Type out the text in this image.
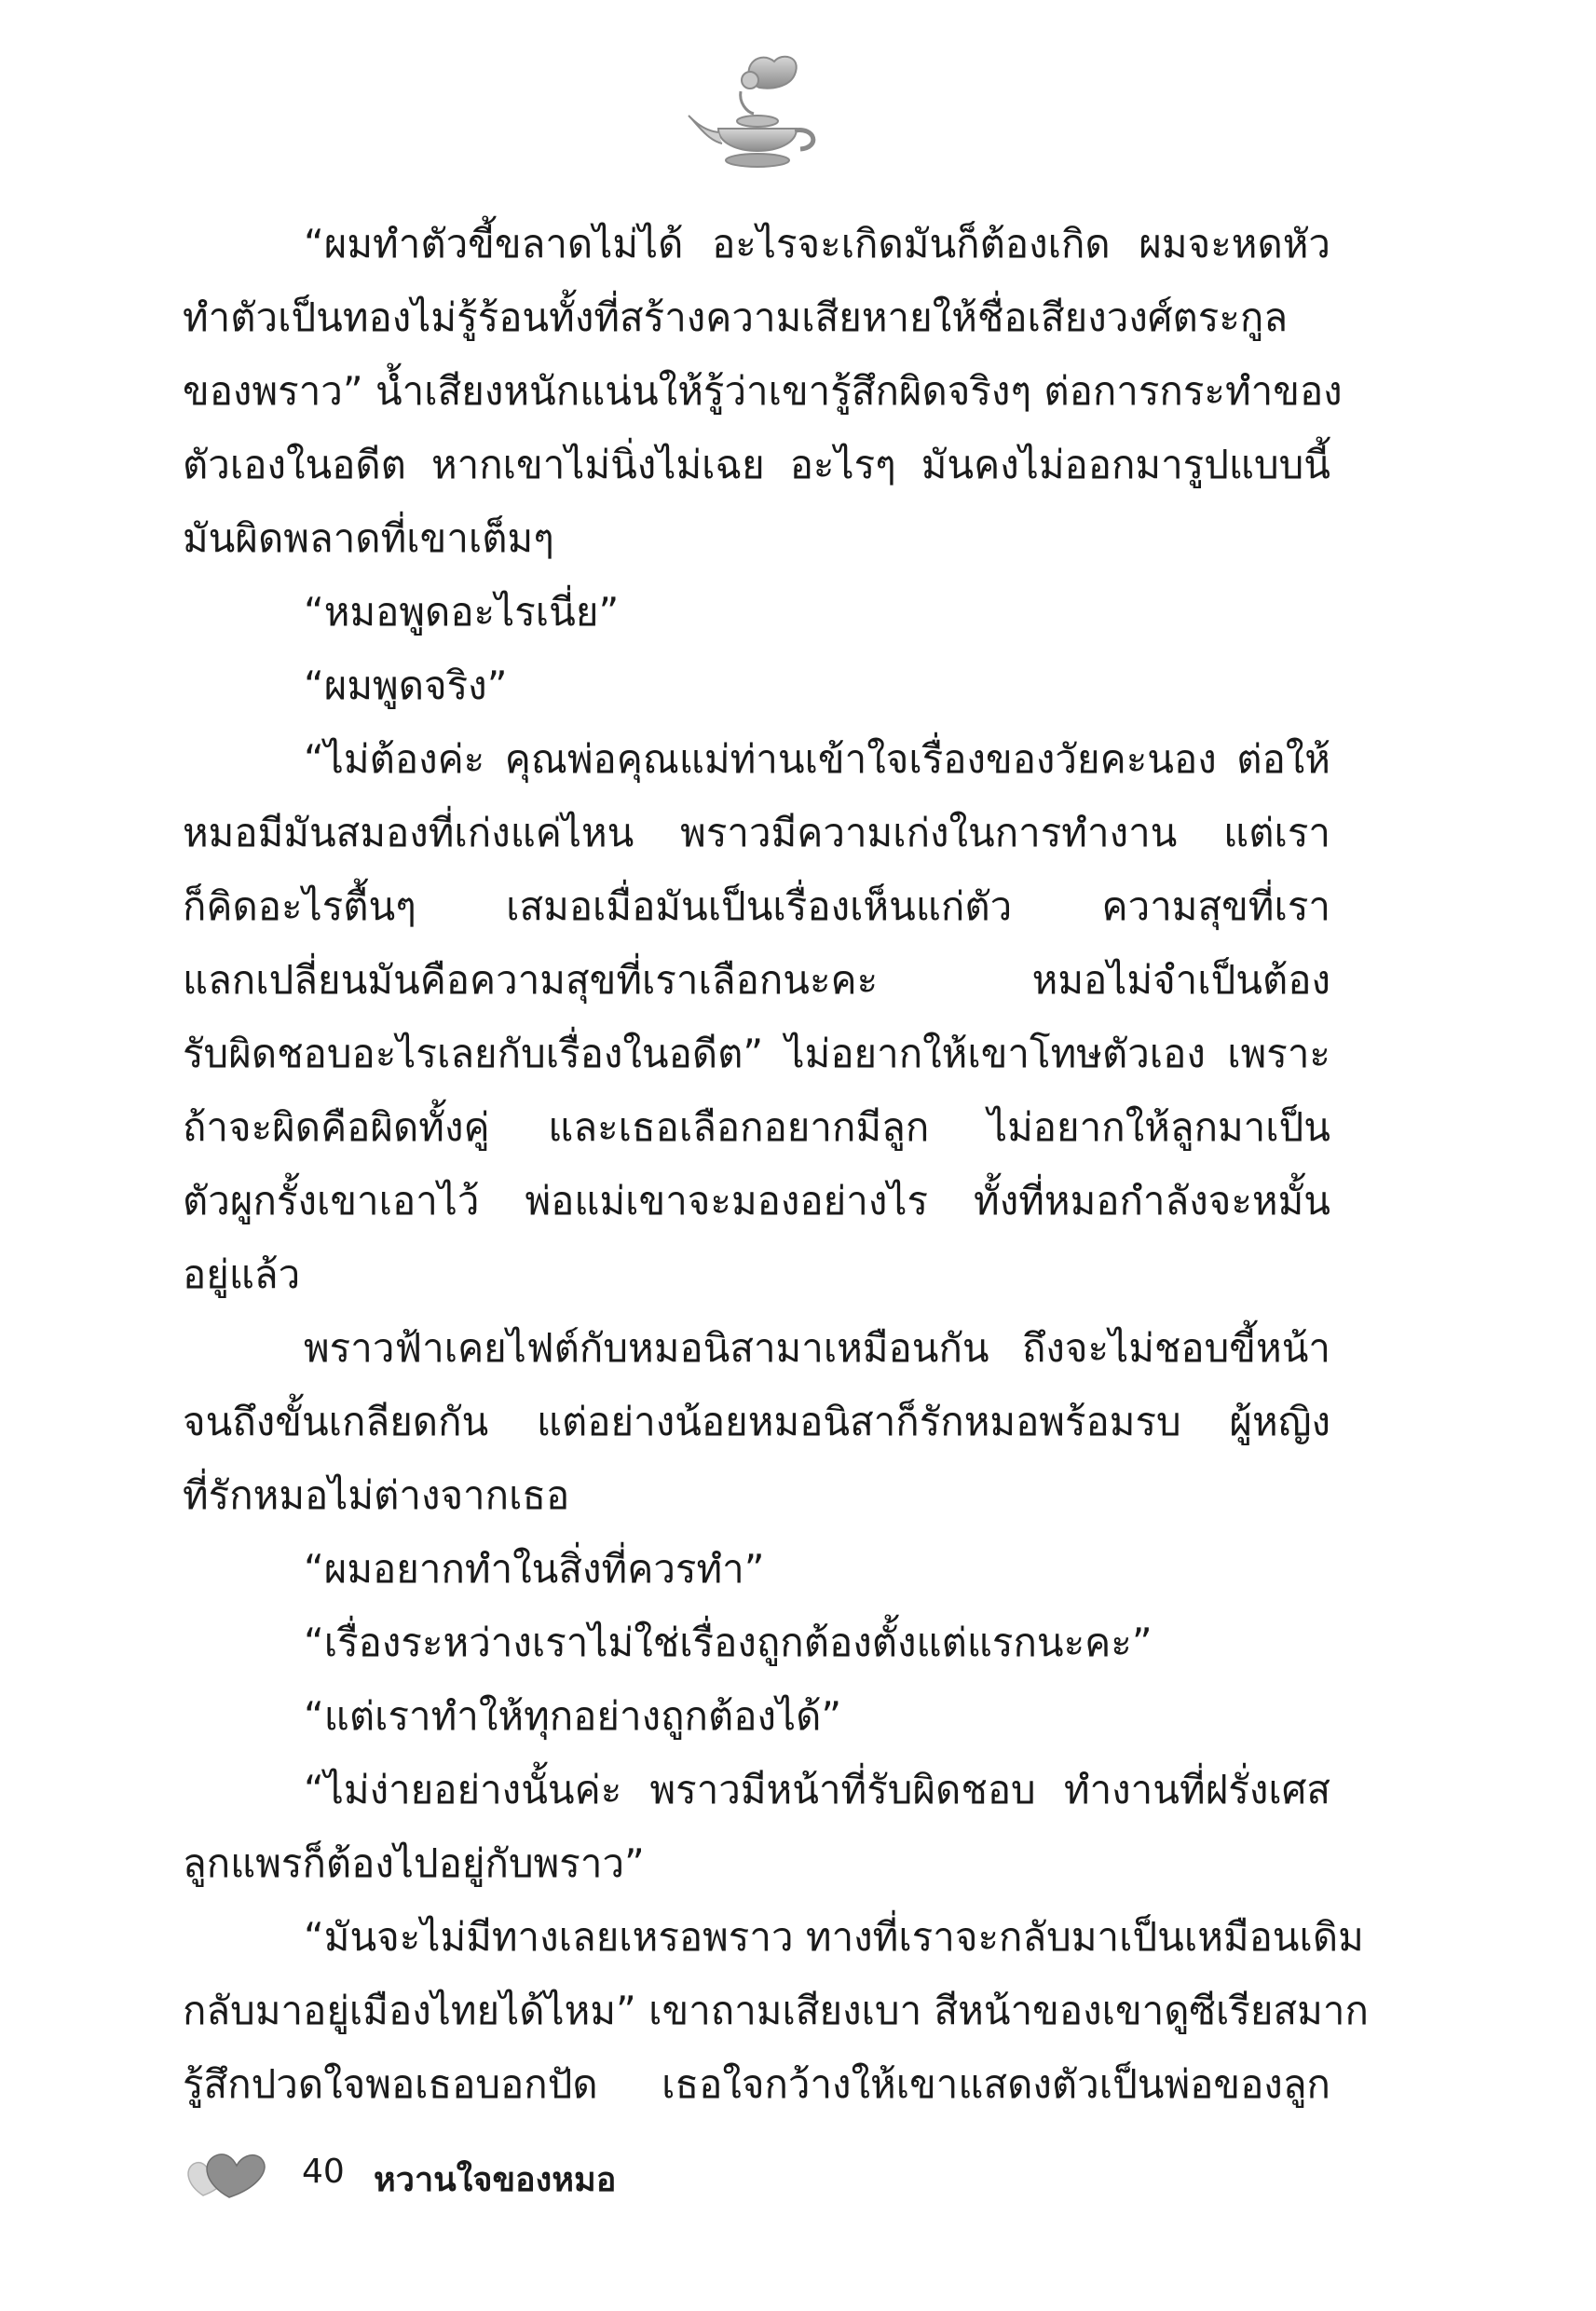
“ผมทำตัวขี้ขลาดไม่ได้ อะไรจะเกิดมันก็ต้องเกิด ผมจะหดหัว
ทำตัวเป็นทองไม่รู้ร้อนทั้งที่สร้างความเสียหายให้ชื่อเสียงวงศ์ตระกูล
ของพราว” น้ำเสียงหนักแน่นให้รู้ว่าเขารู้สึกผิดจริงๆ ต่อการกระทำของ
ตัวเองในอดีต หากเขาไม่นิ่งไม่เฉย อะไรๆ มันคงไม่ออกมารูปแบบนี้
มันผิดพลาดที่เขาเต็มๆ
“หมอพูดอะไรเนี่ย”
“ผมพูดจริง”
“ไม่ต้องค่ะ คุณพ่อคุณแม่ท่านเข้าใจเรื่องของวัยคะนอง ต่อให้
หมอมีมันสมองที่เก่งแค่ไหน พราวมีความเก่งในการทำงาน แต่เรา
ก็คิดอะไรตื้นๆ เสมอเมื่อมันเป็นเรื่องเห็นแก่ตัว ความสุขที่เรา
แลกเปลี่ยนมันคือความสุขที่เราเลือกนะคะ หมอไม่จำเป็นต้อง
รับผิดชอบอะไรเลยกับเรื่องในอดีต” ไม่อยากให้เขาโทษตัวเอง เพราะ
ถ้าจะผิดคือผิดทั้งคู่ และเธอเลือกอยากมีลูก ไม่อยากให้ลูกมาเป็น
ตัวผูกรั้งเขาเอาไว้ พ่อแม่เขาจะมองอย่างไร ทั้งที่หมอกำลังจะหมั้น
อยู่แล้ว
พราวฟ้าเคยไฟต์กับหมอนิสามาเหมือนกัน ถึงจะไม่ชอบขี้หน้า
จนถึงขั้นเกลียดกัน แต่อย่างน้อยหมอนิสาก็รักหมอพร้อมรบ ผู้หญิง
ที่รักหมอไม่ต่างจากเธอ
“ผมอยากทำในสิ่งที่ควรทำ”
“เรื่องระหว่างเราไม่ใช่เรื่องถูกต้องตั้งแต่แรกนะคะ”
“แต่เราทำให้ทุกอย่างถูกต้องได้”
“ไม่ง่ายอย่างนั้นค่ะ พราวมีหน้าที่รับผิดชอบ ทำงานที่ฝรั่งเศส
ลูกแพรก็ต้องไปอยู่กับพราว”
“มันจะไม่มีทางเลยเหรอพราว ทางที่เราจะกลับมาเป็นเหมือนเดิม
กลับมาอยู่เมืองไทยได้ไหม” เขาถามเสียงเบา สีหน้าของเขาดูซีเรียสมาก
รู้สึกปวดใจพอเธอบอกปัด เธอใจกว้างให้เขาแสดงตัวเป็นพ่อของลูก
40 หวานใจของหมอ
